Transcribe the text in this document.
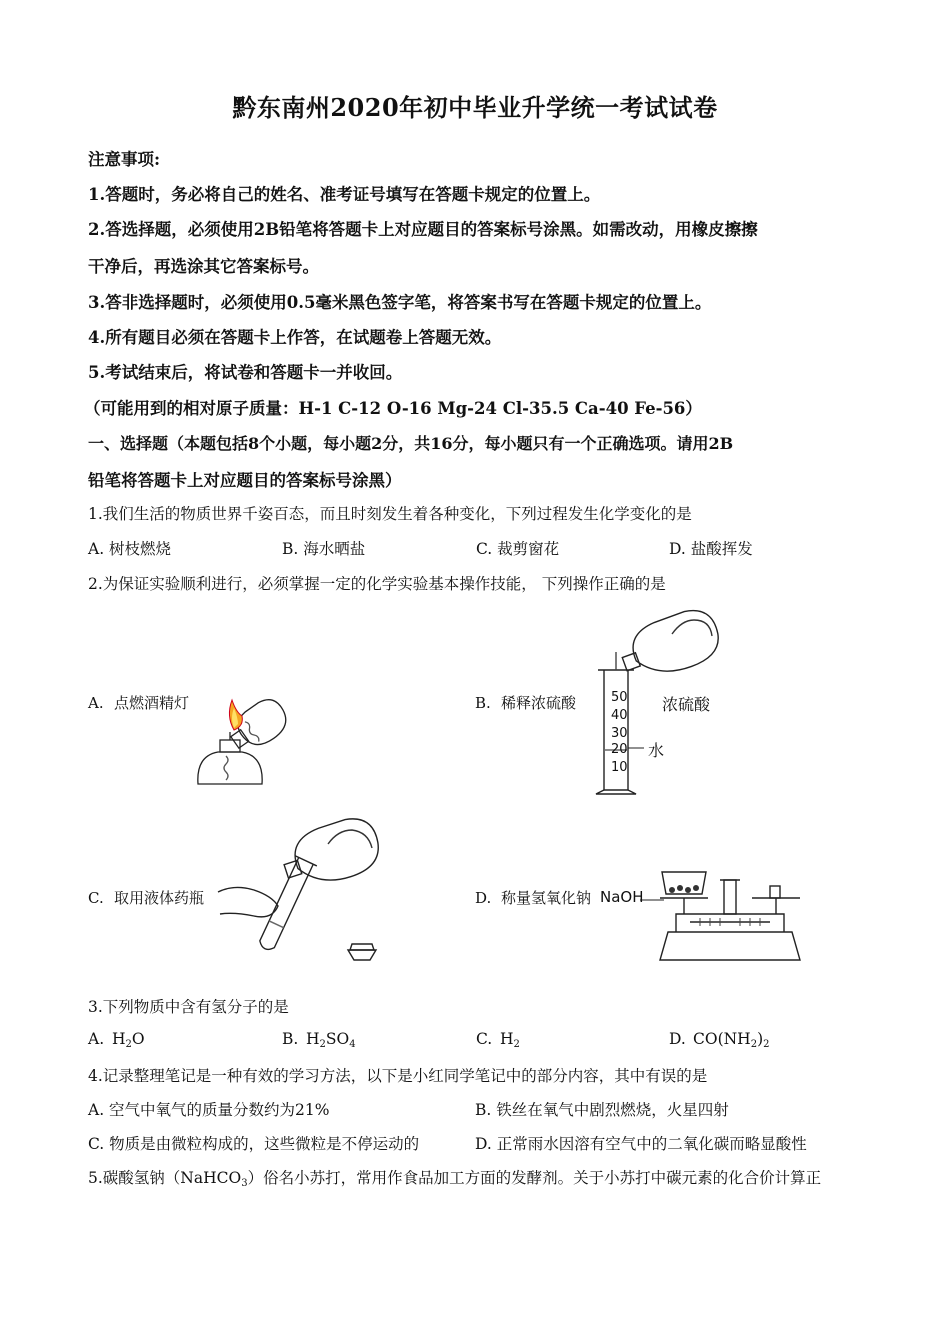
黔东南州2020年初中毕业升学统一考试试卷
注意事项:
1.答题时，务必将自己的姓名、准考证号填写在答题卡规定的位置上。
2.答选择题，必须使用2B铅笔将答题卡上对应题目的答案标号涂黑。如需改动，用橡皮擦擦
干净后，再选涂其它答案标号。
3.答非选择题时，必须使用0.5毫米黑色签字笔，将答案书写在答题卡规定的位置上。
4.所有题目必须在答题卡上作答，在试题卷上答题无效。
5.考试结束后，将试卷和答题卡一并收回。
（可能用到的相对原子质量：H-1 C-12 O-16 Mg-24 Cl-35.5 Ca-40 Fe-56）
一、选择题（本题包括8个小题，每小题2分，共16分，每小题只有一个正确选项。请用2B
铅笔将答题卡上对应题目的答案标号涂黑）
1.我们生活的物质世界千姿百态，而且时刻发生着各种变化，下列过程发生化学变化的是
A. 树枝燃烧	B. 海水晒盐	C. 裁剪窗花	D. 盐酸挥发
2.为保证实验顺利进行，必须掌握一定的化学实验基本操作技能， 下列操作正确的是
A. 点燃酒精灯	B. 稀释浓硫酸
C. 取用液体药瓶	D. 称量氢氧化钠
50
40
30
20
10
浓硫酸
水
NaOH
3.下列物质中含有氢分子的是
A. $H_2O$	B. $H_2SO_4$	C. $H_2$	D. $CO(NH_2)_2$
4.记录整理笔记是一种有效的学习方法，以下是小红同学笔记中的部分内容，其中有误的是
A. 空气中氧气的质量分数约为21%	B. 铁丝在氧气中剧烈燃烧，火星四射
C. 物质是由微粒构成的，这些微粒是不停运动的	D. 正常雨水因溶有空气中的二氧化碳而略显酸性
5.碳酸氢钠（NaHCO$_3$）俗名小苏打，常用作食品加工方面的发酵剂。关于小苏打中碳元素的化合价计算正
